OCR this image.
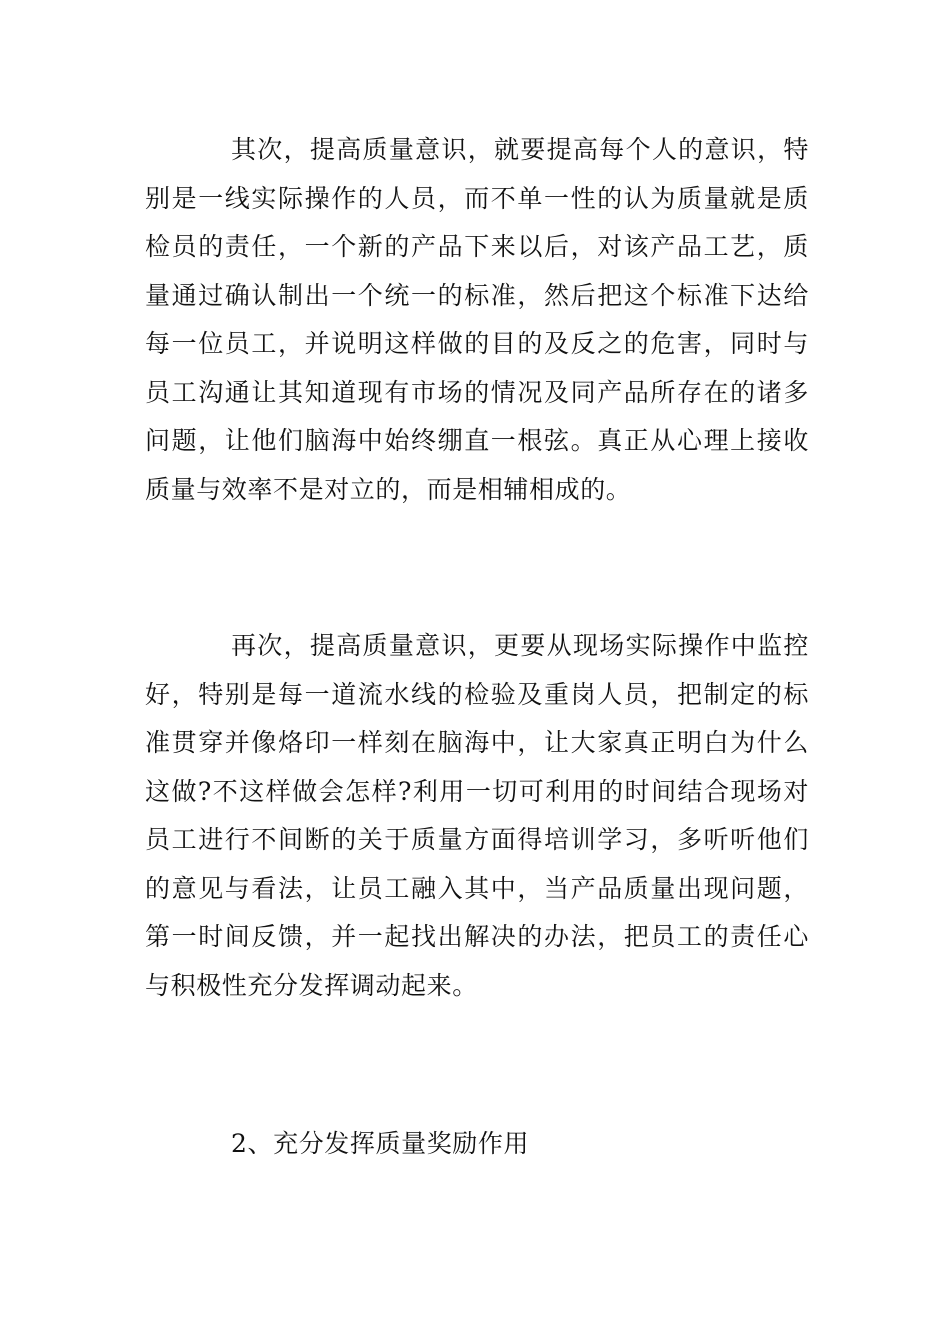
其次，提高质量意识，就要提高每个人的意识，特别是一线实际操作的人员，而不单一性的认为质量就是质检员的责任，一个新的产品下来以后，对该产品工艺，质量通过确认制出一个统一的标准，然后把这个标准下达给每一位员工，并说明这样做的目的及反之的危害，同时与员工沟通让其知道现有市场的情况及同产品所存在的诸多问题，让他们脑海中始终绷直一根弦。真正从心理上接收质量与效率不是对立的，而是相辅相成的。

再次，提高质量意识，更要从现场实际操作中监控好，特别是每一道流水线的检验及重岗人员，把制定的标准贯穿并像烙印一样刻在脑海中，让大家真正明白为什么这做?不这样做会怎样?利用一切可利用的时间结合现场对员工进行不间断的关于质量方面得培训学习，多听听他们的意见与看法，让员工融入其中，当产品质量出现问题，第一时间反馈，并一起找出解决的办法，把员工的责任心与积极性充分发挥调动起来。

2、充分发挥质量奖励作用
